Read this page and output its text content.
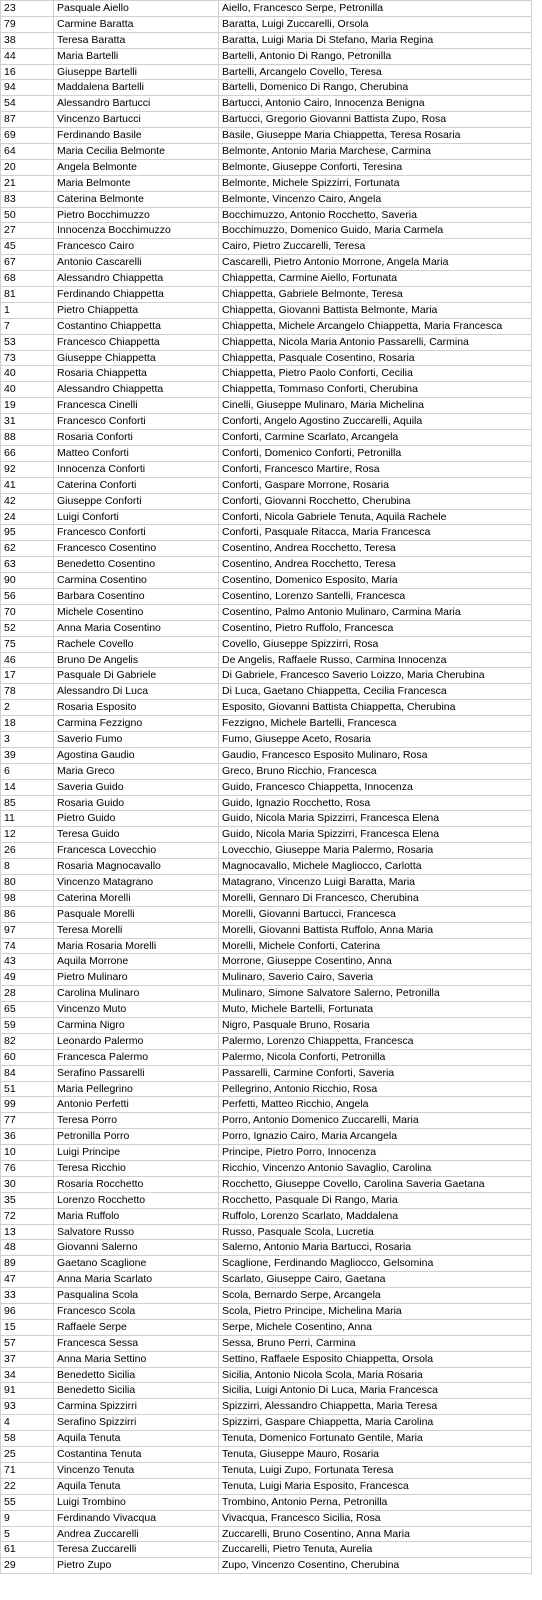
23	Pasquale Aiello	Aiello, Francesco Serpe, Petronilla
79	Carmine Baratta	Baratta, Luigi Zuccarelli, Orsola
38	Teresa Baratta	Baratta, Luigi Maria Di Stefano, Maria Regina
44	Maria Bartelli	Bartelli, Antonio Di Rango, Petronilla
16	Giuseppe Bartelli	Bartelli, Arcangelo Covello, Teresa
94	Maddalena Bartelli	Bartelli, Domenico Di Rango, Cherubina
54	Alessandro Bartucci	Bartucci, Antonio Cairo, Innocenza Benigna
87	Vincenzo Bartucci	Bartucci, Gregorio Giovanni Battista Zupo, Rosa
69	Ferdinando Basile	Basile, Giuseppe Maria Chiappetta, Teresa Rosaria
64	Maria Cecilia Belmonte	Belmonte, Antonio Maria Marchese, Carmina
20	Angela Belmonte	Belmonte, Giuseppe Conforti, Teresina
21	Maria Belmonte	Belmonte, Michele Spizzirri, Fortunata
83	Caterina Belmonte	Belmonte, Vincenzo Cairo, Angela
50	Pietro Bocchimuzzo	Bocchimuzzo, Antonio Rocchetto, Saveria
27	Innocenza Bocchimuzzo	Bocchimuzzo, Domenico Guido, Maria Carmela
45	Francesco Cairo	Cairo, Pietro Zuccarelli, Teresa
67	Antonio Cascarelli	Cascarelli, Pietro Antonio Morrone, Angela Maria
68	Alessandro Chiappetta	Chiappetta, Carmine Aiello, Fortunata
81	Ferdinando Chiappetta	Chiappetta, Gabriele Belmonte, Teresa
1	Pietro Chiappetta	Chiappetta, Giovanni Battista Belmonte, Maria
7	Costantino Chiappetta	Chiappetta, Michele Arcangelo Chiappetta, Maria Francesca
53	Francesco Chiappetta	Chiappetta, Nicola Maria Antonio Passarelli, Carmina
73	Giuseppe Chiappetta	Chiappetta, Pasquale Cosentino, Rosaria
40	Rosaria Chiappetta	Chiappetta, Pietro Paolo Conforti, Cecilia
40	Alessandro Chiappetta	Chiappetta, Tommaso Conforti, Cherubina
19	Francesca Cinelli	Cinelli, Giuseppe Mulinaro, Maria Michelina
31	Francesco Conforti	Conforti, Angelo Agostino Zuccarelli, Aquila
88	Rosaria Conforti	Conforti, Carmine Scarlato, Arcangela
66	Matteo Conforti	Conforti, Domenico Conforti, Petronilla
92	Innocenza Conforti	Conforti, Francesco Martire, Rosa
41	Caterina Conforti	Conforti, Gaspare Morrone, Rosaria
42	Giuseppe Conforti	Conforti, Giovanni Rocchetto, Cherubina
24	Luigi Conforti	Conforti, Nicola Gabriele Tenuta, Aquila Rachele
95	Francesco Conforti	Conforti, Pasquale Ritacca, Maria Francesca
62	Francesco Cosentino	Cosentino, Andrea Rocchetto, Teresa
63	Benedetto Cosentino	Cosentino, Andrea Rocchetto, Teresa
90	Carmina Cosentino	Cosentino, Domenico Esposito, Maria
56	Barbara Cosentino	Cosentino, Lorenzo Santelli, Francesca
70	Michele Cosentino	Cosentino, Palmo Antonio Mulinaro, Carmina Maria
52	Anna Maria Cosentino	Cosentino, Pietro Ruffolo, Francesca
75	Rachele Covello	Covello, Giuseppe Spizzirri, Rosa
46	Bruno De Angelis	De Angelis, Raffaele Russo, Carmina Innocenza
17	Pasquale Di Gabriele	Di Gabriele, Francesco Saverio Loizzo, Maria Cherubina
78	Alessandro Di Luca	Di Luca, Gaetano Chiappetta, Cecilia Francesca
2	Rosaria Esposito	Esposito, Giovanni Battista Chiappetta, Cherubina
18	Carmina Fezzigno	Fezzigno, Michele Bartelli, Francesca
3	Saverio Fumo	Fumo, Giuseppe Aceto, Rosaria
39	Agostina Gaudio	Gaudio, Francesco Esposito Mulinaro, Rosa
6	Maria Greco	Greco, Bruno Ricchio, Francesca
14	Saveria Guido	Guido, Francesco Chiappetta, Innocenza
85	Rosaria Guido	Guido, Ignazio Rocchetto, Rosa
11	Pietro Guido	Guido, Nicola Maria Spizzirri, Francesca Elena
12	Teresa Guido	Guido, Nicola Maria Spizzirri, Francesca Elena
26	Francesca Lovecchio	Lovecchio, Giuseppe Maria Palermo, Rosaria
8	Rosaria Magnocavallo	Magnocavallo, Michele Magliocco, Carlotta
80	Vincenzo Matagrano	Matagrano, Vincenzo Luigi Baratta, Maria
98	Caterina Morelli	Morelli, Gennaro Di Francesco, Cherubina
86	Pasquale Morelli	Morelli, Giovanni Bartucci, Francesca
97	Teresa Morelli	Morelli, Giovanni Battista Ruffolo, Anna Maria
74	Maria Rosaria Morelli	Morelli, Michele Conforti, Caterina
43	Aquila Morrone	Morrone, Giuseppe Cosentino, Anna
49	Pietro Mulinaro	Mulinaro, Saverio Cairo, Saveria
28	Carolina Mulinaro	Mulinaro, Simone Salvatore Salerno, Petronilla
65	Vincenzo Muto	Muto, Michele Bartelli, Fortunata
59	Carmina Nigro	Nigro, Pasquale Bruno, Rosaria
82	Leonardo Palermo	Palermo, Lorenzo Chiappetta, Francesca
60	Francesca Palermo	Palermo, Nicola Conforti, Petronilla
84	Serafino Passarelli	Passarelli, Carmine Conforti, Saveria
51	Maria Pellegrino	Pellegrino, Antonio Ricchio, Rosa
99	Antonio Perfetti	Perfetti, Matteo Ricchio, Angela
77	Teresa Porro	Porro, Antonio Domenico Zuccarelli, Maria
36	Petronilla Porro	Porro, Ignazio Cairo, Maria Arcangela
10	Luigi Principe	Principe, Pietro Porro, Innocenza
76	Teresa Ricchio	Ricchio, Vincenzo Antonio Savaglio, Carolina
30	Rosaria Rocchetto	Rocchetto, Giuseppe Covello, Carolina Saveria Gaetana
35	Lorenzo Rocchetto	Rocchetto, Pasquale Di Rango, Maria
72	Maria Ruffolo	Ruffolo, Lorenzo Scarlato, Maddalena
13	Salvatore Russo	Russo, Pasquale Scola, Lucretia
48	Giovanni Salerno	Salerno, Antonio Maria Bartucci, Rosaria
89	Gaetano Scaglione	Scaglione, Ferdinando Magliocco, Gelsomina
47	Anna Maria Scarlato	Scarlato, Giuseppe Cairo, Gaetana
33	Pasqualina Scola	Scola, Bernardo Serpe, Arcangela
96	Francesco Scola	Scola, Pietro Principe, Michelina Maria
15	Raffaele Serpe	Serpe, Michele Cosentino, Anna
57	Francesca Sessa	Sessa, Bruno Perri, Carmina
37	Anna Maria Settino	Settino, Raffaele Esposito Chiappetta, Orsola
34	Benedetto Sicilia	Sicilia, Antonio Nicola Scola, Maria Rosaria
91	Benedetto Sicilia	Sicilia, Luigi Antonio Di Luca, Maria Francesca
93	Carmina Spizzirri	Spizzirri, Alessandro Chiappetta, Maria Teresa
4	Serafino Spizzirri	Spizzirri, Gaspare Chiappetta, Maria Carolina
58	Aquila Tenuta	Tenuta, Domenico Fortunato Gentile, Maria
25	Costantina Tenuta	Tenuta, Giuseppe Mauro, Rosaria
71	Vincenzo Tenuta	Tenuta, Luigi Zupo, Fortunata Teresa
22	Aquila Tenuta	Tenuta, Luigi Maria Esposito, Francesca
55	Luigi Trombino	Trombino, Antonio Perna, Petronilla
9	Ferdinando Vivacqua	Vivacqua, Francesco Sicilia, Rosa
5	Andrea Zuccarelli	Zuccarelli, Bruno Cosentino, Anna Maria
61	Teresa Zuccarelli	Zuccarelli, Pietro Tenuta, Aurelia
29	Pietro Zupo	Zupo, Vincenzo Cosentino, Cherubina
